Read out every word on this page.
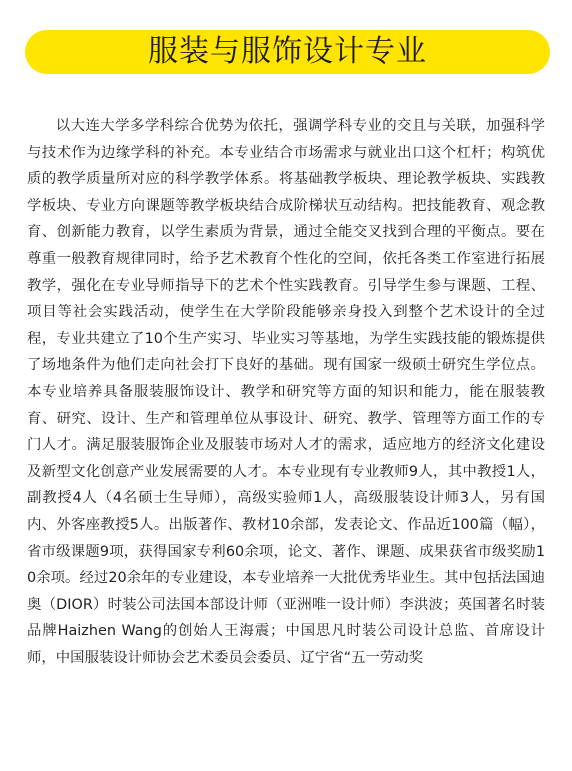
服装与服饰设计专业

以大连大学多学科综合优势为依托，强调学科专业的交且与关联，加强科学与技术作为边缘学科的补充。本专业结合市场需求与就业出口这个杠杆；构筑优质的教学质量所对应的科学教学体系。将基础教学板块、理论教学板块、实践教学板块、专业方向课题等教学板块结合成阶梯状互动结构。把技能教育、观念教育、创新能力教育，以学生素质为背景，通过全能交叉找到合理的平衡点。要在尊重一般教育规律同时，给予艺术教育个性化的空间，依托各类工作室进行拓展教学，强化在专业导师指导下的艺术个性实践教育。引导学生参与课题、工程、项目等社会实践活动，使学生在大学阶段能够亲身投入到整个艺术设计的全过程，专业共建立了10个生产实习、毕业实习等基地，为学生实践技能的锻炼提供了场地条件为他们走向社会打下良好的基础。现有国家一级硕士研究生学位点。本专业培养具备服装服饰设计、教学和研究等方面的知识和能力，能在服装教育、研究、设计、生产和管理单位从事设计、研究、教学、管理等方面工作的专门人才。满足服装服饰企业及服装市场对人才的需求，适应地方的经济文化建设及新型文化创意产业发展需要的人才。本专业现有专业教师9人，其中教授1人，副教授4人（4名硕士生导师），高级实验师1人，高级服装设计师3人，另有国内、外客座教授5人。出版著作、教材10余部，发表论文、作品近100篇（幅），省市级课题9项，获得国家专利60余项，论文、著作、课题、成果获省市级奖励10余项。经过20余年的专业建设，本专业培养一大批优秀毕业生。其中包括法国迪奥（DIOR）时装公司法国本部设计师（亚洲唯一设计师）李洪波；英国著名时装品牌Haizhen Wang的创始人王海震；中国思凡时装公司设计总监、首席设计师，中国服装设计师协会艺术委员会委员、辽宁省“五一劳动奖
